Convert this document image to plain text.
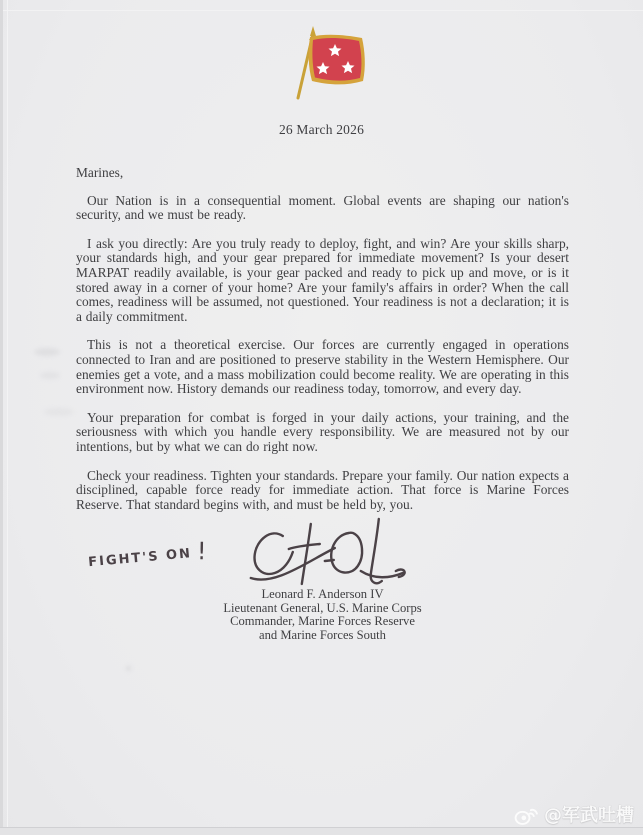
26 March 2026

Marines,

Our Nation is in a consequential moment. Global events are shaping our nation's security, and we must be ready.

I ask you directly: Are you truly ready to deploy, fight, and win? Are your skills sharp, your standards high, and your gear prepared for immediate movement? Is your desert MARPAT readily available, is your gear packed and ready to pick up and move, or is it stored away in a corner of your home? Are your family's affairs in order? When the call comes, readiness will be assumed, not questioned. Your readiness is not a declaration; it is a daily commitment.

This is not a theoretical exercise. Our forces are currently engaged in operations connected to Iran and are positioned to preserve stability in the Western Hemisphere. Our enemies get a vote, and a mass mobilization could become reality. We are operating in this environment now. History demands our readiness today, tomorrow, and every day.

Your preparation for combat is forged in your daily actions, your training, and the seriousness with which you handle every responsibility. We are measured not by our intentions, but by what we can do right now.

Check your readiness. Tighten your standards. Prepare your family. Our nation expects a disciplined, capable force ready for immediate action. That force is Marine Forces Reserve. That standard begins with, and must be held by, you.

FIGHT'S ON !
Leonard F. Anderson IV
Lieutenant General, U.S. Marine Corps
Commander, Marine Forces Reserve
and Marine Forces South
@军武吐槽
